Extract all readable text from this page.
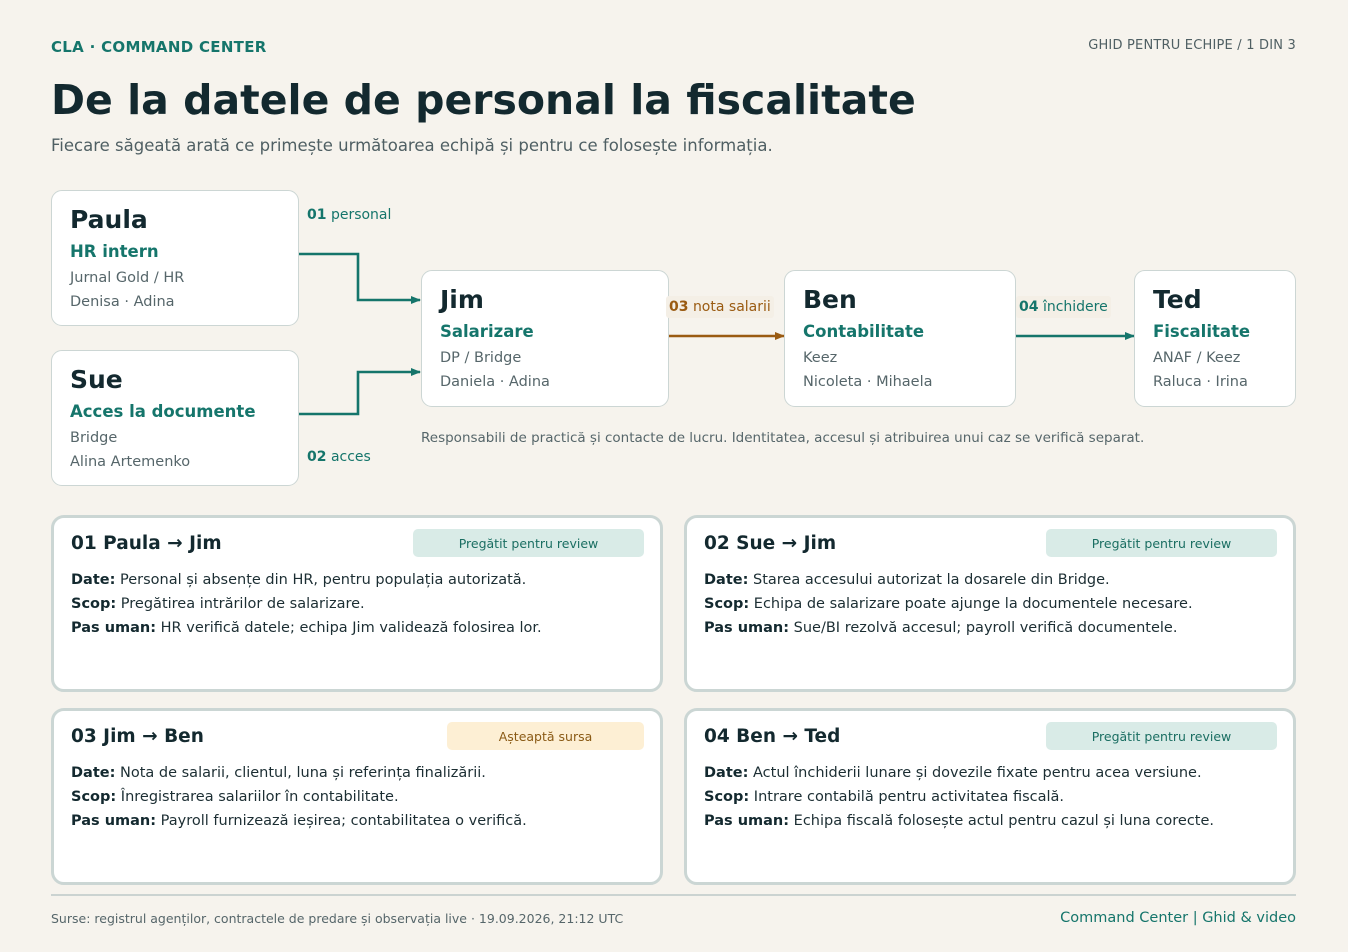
CLA · COMMAND CENTER	GHID PENTRU ECHIPE / 1 DIN 3
De la datele de personal la fiscalitate
Fiecare săgeată arată ce primește următoarea echipă și pentru ce folosește informația.
Paula
HR intern
Jurnal Gold / HR
Denisa · Adina
Sue
Acces la documente
Bridge
Alina Artemenko
Jim
Salarizare
DP / Bridge
Daniela · Adina
Ben
Contabilitate
Keez
Nicoleta · Mihaela
Ted
Fiscalitate
ANAF / Keez
Raluca · Irina
01 personal
02 acces
03 nota salarii	04 închidere
Responsabili de practică și contacte de lucru. Identitatea, accesul și atribuirea unui caz se verifică separat.
01 Paula → Jim	Pregătit pentru review
Date: Personal și absențe din HR, pentru populația autorizată.
Scop: Pregătirea intrărilor de salarizare.
Pas uman: HR verifică datele; echipa Jim validează folosirea lor.
02 Sue → Jim	Pregătit pentru review
Date: Starea accesului autorizat la dosarele din Bridge.
Scop: Echipa de salarizare poate ajunge la documentele necesare.
Pas uman: Sue/BI rezolvă accesul; payroll verifică documentele.
03 Jim → Ben	Așteaptă sursa
Date: Nota de salarii, clientul, luna și referința finalizării.
Scop: Înregistrarea salariilor în contabilitate.
Pas uman: Payroll furnizează ieșirea; contabilitatea o verifică.
04 Ben → Ted	Pregătit pentru review
Date: Actul închiderii lunare și dovezile fixate pentru acea versiune.
Scop: Intrare contabilă pentru activitatea fiscală.
Pas uman: Echipa fiscală folosește actul pentru cazul și luna corecte.
Surse: registrul agenților, contractele de predare și observația live · 19.09.2026, 21:12 UTC	Command Center | Ghid & video
